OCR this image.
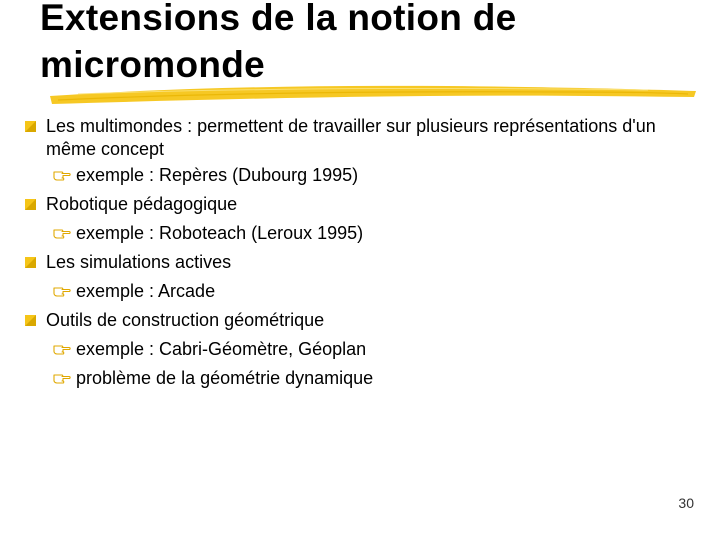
Extensions de la notion de micromonde
Les multimondes : permettent de travailler sur plusieurs représentations d'un même concept
exemple : Repères (Dubourg 1995)
Robotique pédagogique
exemple : Roboteach (Leroux 1995)
Les simulations actives
exemple : Arcade
Outils de construction géométrique
exemple : Cabri-Géomètre, Géoplan
problème de la géométrie dynamique
30
